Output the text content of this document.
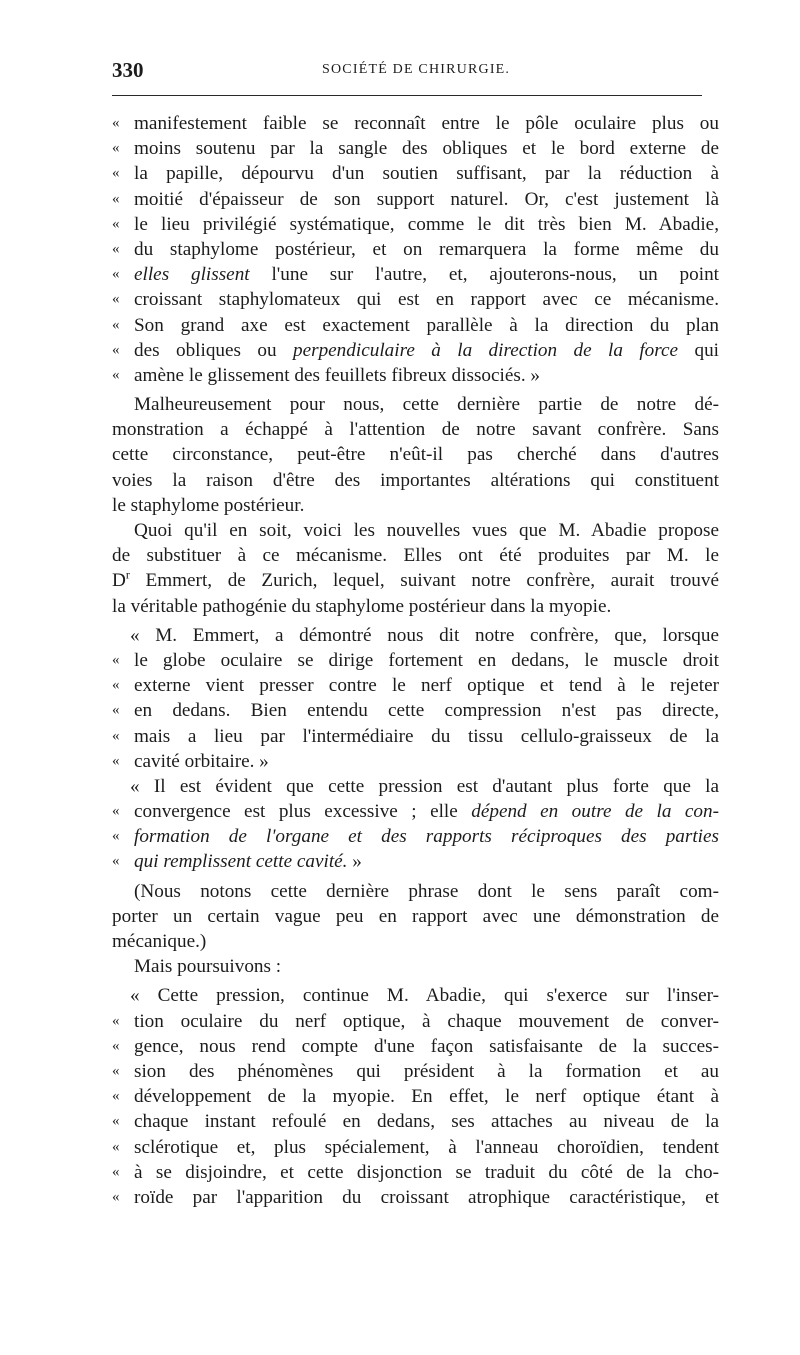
330	SOCIÉTÉ DE CHIRURGIE.
« manifestement faible se reconnaît entre le pôle oculaire plus ou
« moins soutenu par la sangle des obliques et le bord externe de
« la papille, dépourvu d'un soutien suffisant, par la réduction à
« moitié d'épaisseur de son support naturel. Or, c'est justement là
« le lieu privilégié systématique, comme le dit très bien M. Abadie,
« du staphylome postérieur, et on remarquera la forme même du
« elles glissent l'une sur l'autre, et, ajouterons-nous, un point
« croissant staphylomateux qui est en rapport avec ce mécanisme.
« Son grand axe est exactement parallèle à la direction du plan
« des obliques ou perpendiculaire à la direction de la force qui
« amène le glissement des feuillets fibreux dissociés. »
Malheureusement pour nous, cette dernière partie de notre dé-
monstration a échappé à l'attention de notre savant confrère. Sans
cette circonstance, peut-être n'eût-il pas cherché dans d'autres
voies la raison d'être des importantes altérations qui constituent
le staphylome postérieur.
Quoi qu'il en soit, voici les nouvelles vues que M. Abadie propose
de substituer à ce mécanisme. Elles ont été produites par M. le
$D^r$ Emmert, de Zurich, lequel, suivant notre confrère, aurait trouvé
la véritable pathogénie du staphylome postérieur dans la myopie.
« M. Emmert, a démontré nous dit notre confrère, que, lorsque
« le globe oculaire se dirige fortement en dedans, le muscle droit
« externe vient presser contre le nerf optique et tend à le rejeter
« en dedans. Bien entendu cette compression n'est pas directe,
« mais a lieu par l'intermédiaire du tissu cellulo-graisseux de la
« cavité orbitaire. »
« Il est évident que cette pression est d'autant plus forte que la
« convergence est plus excessive ; elle dépend en outre de la con-
« formation de l'organe et des rapports réciproques des parties
« qui remplissent cette cavité. »
(Nous notons cette dernière phrase dont le sens paraît com-
porter un certain vague peu en rapport avec une démonstration de
mécanique.)
Mais poursuivons :
« Cette pression, continue M. Abadie, qui s'exerce sur l'inser-
« tion oculaire du nerf optique, à chaque mouvement de conver-
« gence, nous rend compte d'une façon satisfaisante de la succes-
« sion des phénomènes qui président à la formation et au
« développement de la myopie. En effet, le nerf optique étant à
« chaque instant refoulé en dedans, ses attaches au niveau de la
« sclérotique et, plus spécialement, à l'anneau choroïdien, tendent
« à se disjoindre, et cette disjonction se traduit du côté de la cho-
« roïde par l'apparition du croissant atrophique caractéristique, et
